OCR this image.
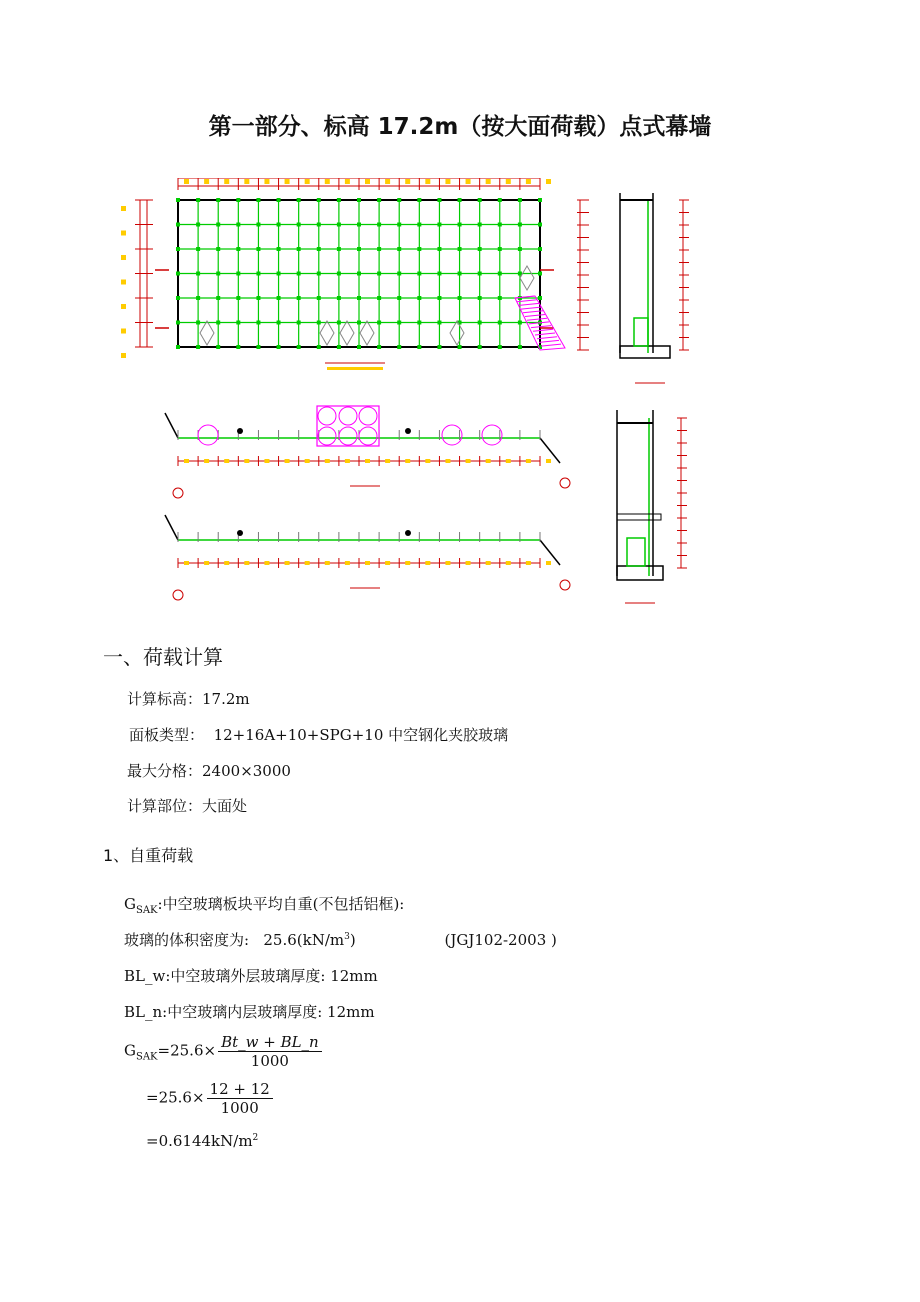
第一部分、标高 17.2m（按大面荷载）点式幕墙
一、荷载计算
计算标高：17.2m
面板类型： 12+16A+10+SPG+10 中空钢化夹胶玻璃
最大分格：2400×3000
计算部位：大面处
1、自重荷载
$G_{SAK}$:中空玻璃板块平均自重(不包括铝框):
玻璃的体积密度为: $25.6(kN/m^3)$	(JGJ102-2003 )
BL_w:中空玻璃外层玻璃厚度: 12mm
BL_n:中空玻璃内层玻璃厚度: 12mm
$G_{SAK}=25.6\times \frac{Bt\_w + BL\_n}{1000}$
$=25.6\times \frac{12 + 12}{1000}$
$=0.6144kN/m^2$
